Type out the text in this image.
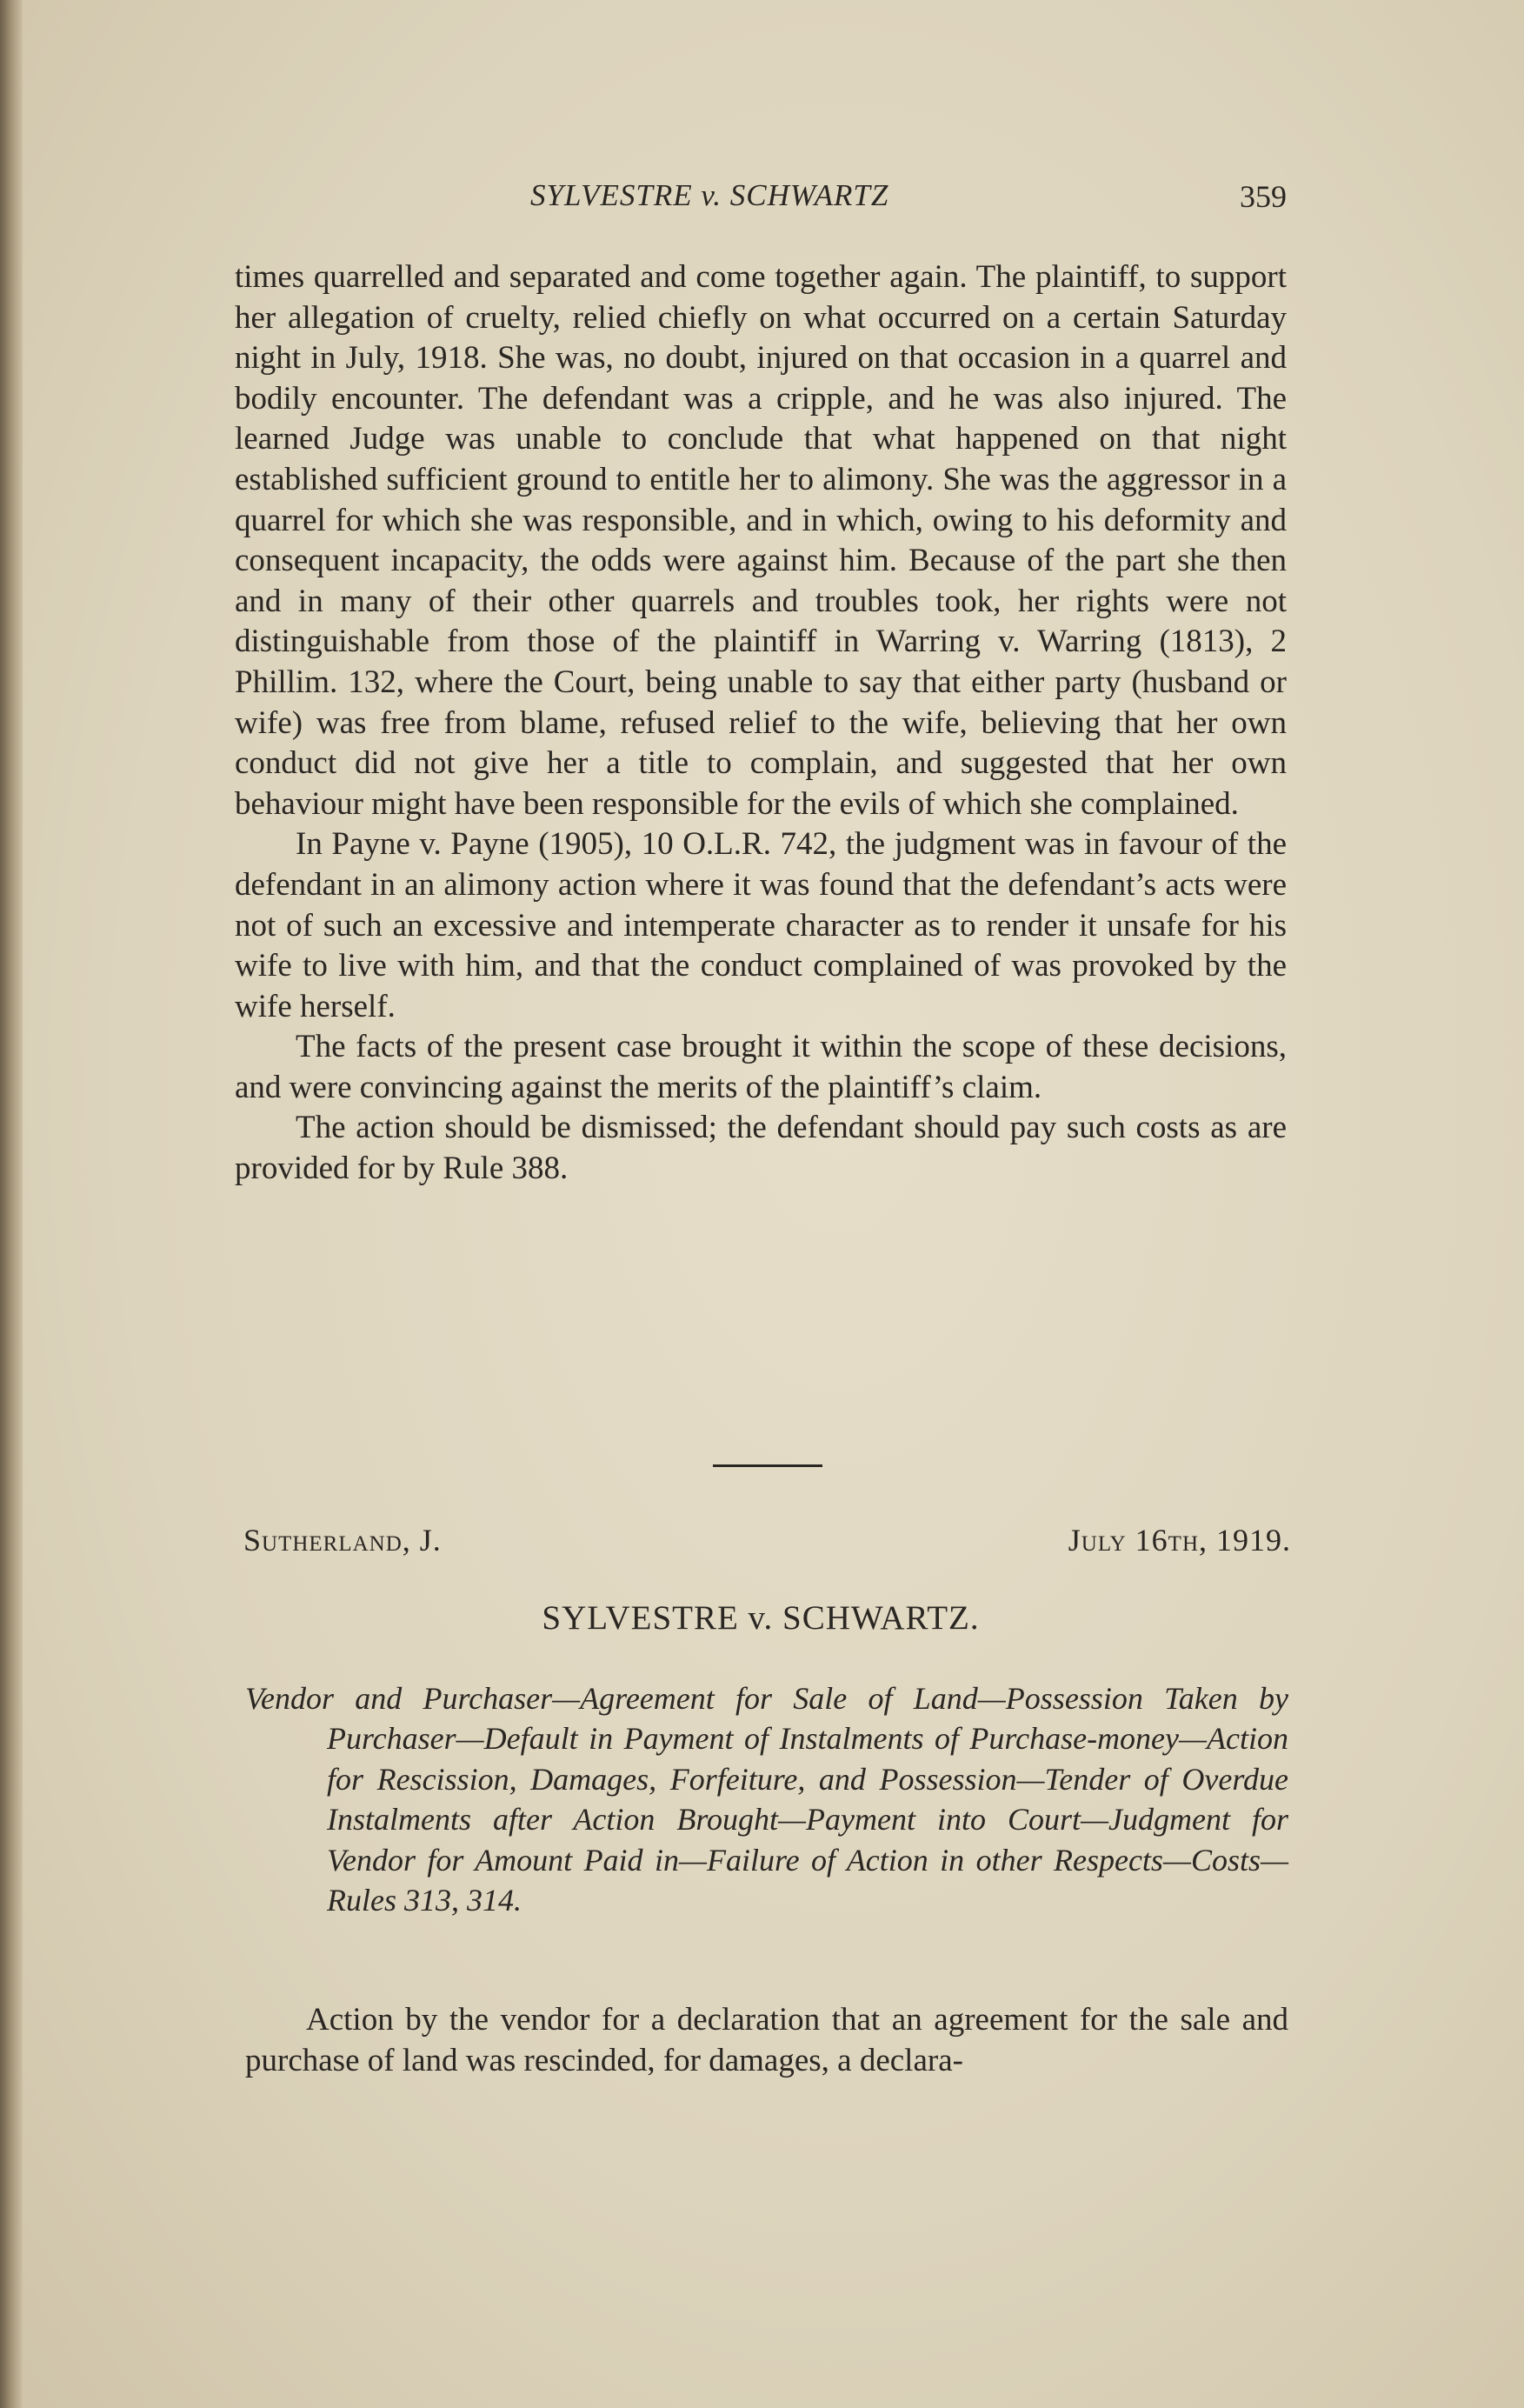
SYLVESTRE v. SCHWARTZ	359

times quarrelled and separated and come together again. The plaintiff, to support her allegation of cruelty, relied chiefly on what occurred on a certain Saturday night in July, 1918. She was, no doubt, injured on that occasion in a quarrel and bodily encounter. The defendant was a cripple, and he was also injured. The learned Judge was unable to conclude that what happened on that night established sufficient ground to entitle her to alimony. She was the aggressor in a quarrel for which she was responsible, and in which, owing to his deformity and consequent incapacity, the odds were against him. Because of the part she then and in many of their other quarrels and troubles took, her rights were not distinguishable from those of the plaintiff in Warring v. Warring (1813), 2 Phillim. 132, where the Court, being unable to say that either party (husband or wife) was free from blame, refused relief to the wife, believing that her own conduct did not give her a title to complain, and suggested that her own behaviour might have been responsible for the evils of which she complained.

In Payne v. Payne (1905), 10 O.L.R. 742, the judgment was in favour of the defendant in an alimony action where it was found that the defendant’s acts were not of such an excessive and intemperate character as to render it unsafe for his wife to live with him, and that the conduct complained of was provoked by the wife herself.

The facts of the present case brought it within the scope of these decisions, and were convincing against the merits of the plaintiff’s claim.

The action should be dismissed; the defendant should pay such costs as are provided for by Rule 388.

Sutherland, J.	July 16th, 1919.
SYLVESTRE v. SCHWARTZ.
Vendor and Purchaser—Agreement for Sale of Land—Possession Taken by Purchaser—Default in Payment of Instalments of Purchase-money—Action for Rescission, Damages, Forfeiture, and Possession—Tender of Overdue Instalments after Action Brought—Payment into Court—Judgment for Vendor for Amount Paid in—Failure of Action in other Respects—Costs—Rules 313, 314.

Action by the vendor for a declaration that an agreement for the sale and purchase of land was rescinded, for damages, a declara-
